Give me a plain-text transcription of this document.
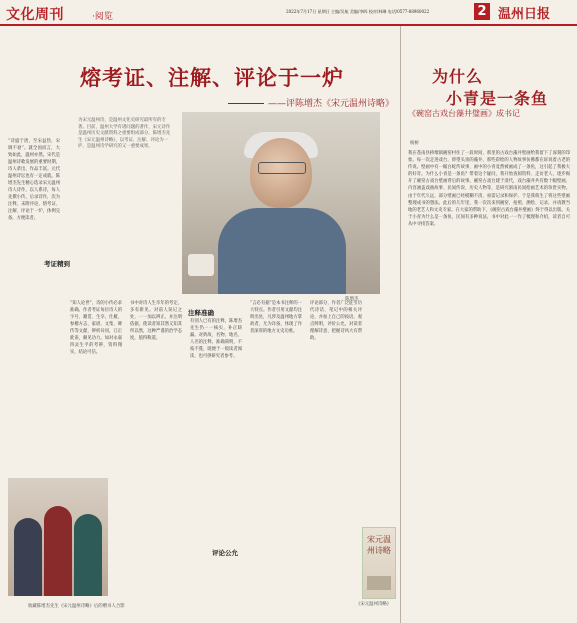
文化周刊	·阅览
2022年7月17日 星期日 主编/吴航 美编/李晖 校对/林琳 电话/0577-88960022	2 温州日报
熔考证、注解、评论于一炉
——评陈增杰《宋元温州诗略》
为宋元温州诗，是温州文化史研究最所有的专著。目前，温州大学有诸问题的著作，宋元诗作是温州历史文献资料之重要组成部分。陈增杰先生《宋元温州诗略》，以考证、注解、评论为一炉，是温州诗学研究的又一重要成果。
陈增杰
“诗盛于唐，至宋益热，宋调不衰”。就全国而言，大致如此，温州亦然。宋代是温州诗歌发展的重要时期，诗人辈出，作品丰富。元代温州诗坛也有一定成就。陈增杰先生精心选录宋元温州诗人诗作，以人系诗，每人先撰小传，后录诗作，次为注释，末附评论，熔考证、注解、评论于一炉，体例完备，方便读者。
考证精到
“知人论世”，诗的小传必求准确。作者考证每位诗人的字号、籍贯、生卒、仕履，参稽方志、家谱、文集、碑传等文献，辨析异同，订正讹误，颇见功力。如对永嘉四灵生平的考辨，资料翔实，结论可信。
书中对诗人生卒年的考定，多有新见。对前人误记之处，一一加以辨正，并注明依据，使读者知其然又知其所以然，这种严谨的治学态度，值得称道。
注释准确
有别人已有的注释，陈增杰先生仍一一核实，补正缺漏。对典故、名物、地名、人名的注释，准确简明，不枝不蔓，既便于一般读者阅读，也可供研究者参考。
“言必有据”是本书注释的一大特点。作者引用文献均注明出处，凡涉及温州地方掌故者，尤为详备，体现了作者深厚的地方文史功底。
评论部分，作者广泛征引历代诗话、笔记中的相关评论，并加上自己的按语，观点鲜明，评价公允，对读者理解诗意、把握诗风大有帮助。
评论公允
收藏陈增杰先生《宋元温州诗略》后的赠书人合影
宋元温州诗略
《宋元温州诗略》
为什么
小青是一条鱼
《碗窑古戏台藻井璧画》成书记
杨树
我在苍南县桥墩镇碗窑村住了一段时间，那里的古戏台藻井壁画给我留下了深刻的印象。每一次走进戏台，仰望头顶的藻井，那些彩绘的人物故事仿佛都在诉说着古老的传说。壁画中有一幅白蛇传故事，画中的小青竟然被画成了一条鱼，这引起了我极大的好奇。为什么小青是一条鱼？带着这个疑问，我开始查阅资料、走访老人，逐步揭开了碗窑古戏台壁画背后的故事。碗窑古戏台建于清代，戏台藻井共有数十幅壁画，内容涵盖戏曲故事、民间传说、历史人物等，是研究浙南民间绘画艺术的珍贵实物。由于年代久远，部分壁画已经模糊不清，亟需记录和保护。于是我萌生了将这些壁画整理成书的想法。此后的几年里，我一次次来到碗窑，拍照、测绘、记录，并请教当地的老艺人和文史专家。在大家的帮助下，《碗窑古戏台藻井璧画》终于得以出版。关于小青为什么是一条鱼，民间有多种说法，书中对此一一作了梳理和介绍，读者自可从中寻找答案。
